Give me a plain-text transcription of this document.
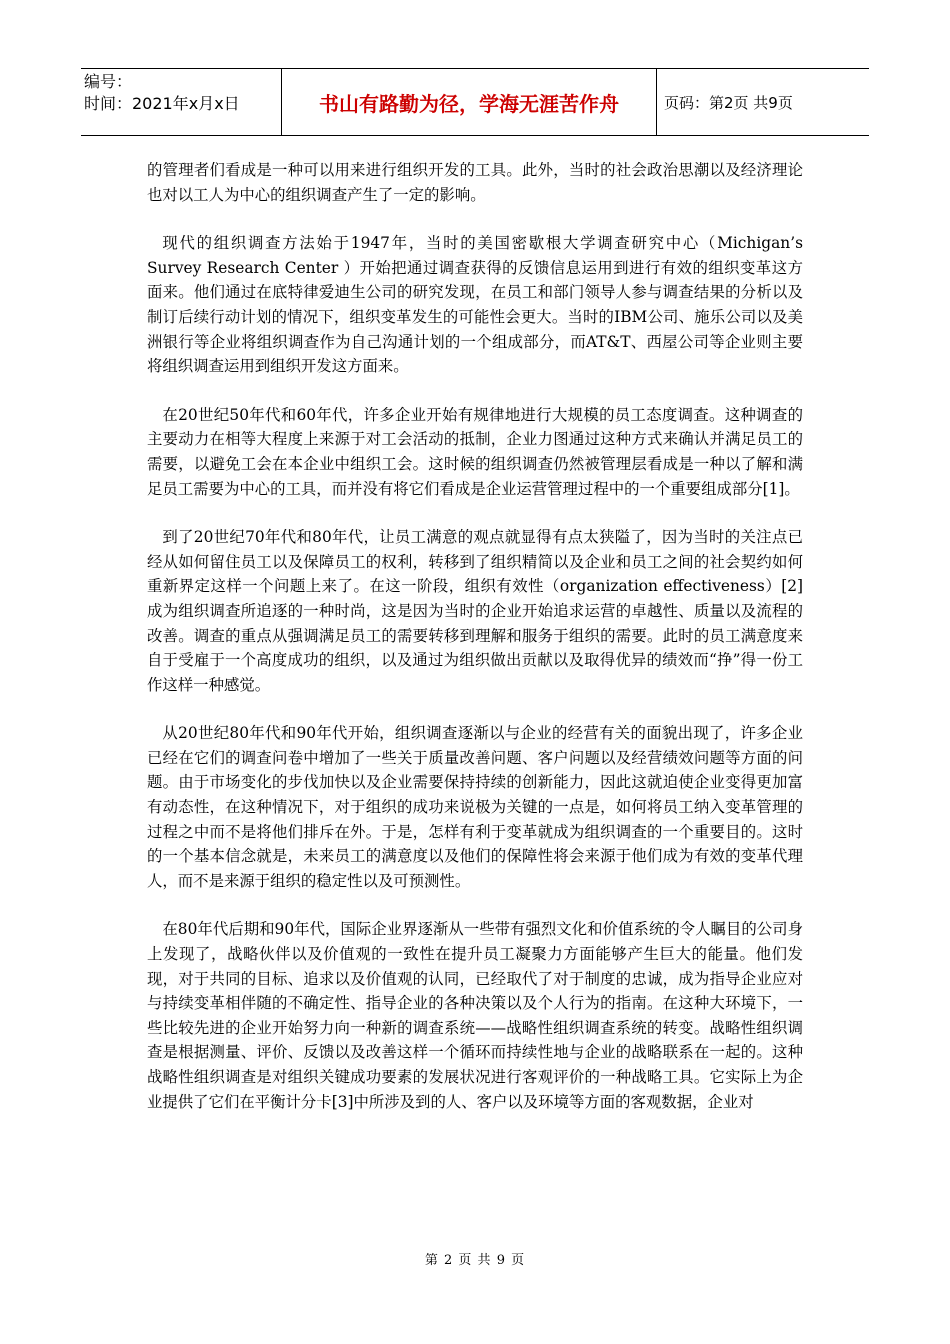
编号：
时间：2021年x月x日	书山有路勤为径，学海无涯苦作舟	页码：第2页 共9页

的管理者们看成是一种可以用来进行组织开发的工具。此外，当时的社会政治思潮以及经济理论也对以工人为中心的组织调查产生了一定的影响。

现代的组织调查方法始于1947年，当时的美国密歇根大学调查研究中心（Michigan’s Survey Research Center ）开始把通过调查获得的反馈信息运用到进行有效的组织变革这方面来。他们通过在底特律爱迪生公司的研究发现，在员工和部门领导人参与调查结果的分析以及制订后续行动计划的情况下，组织变革发生的可能性会更大。当时的IBM公司、施乐公司以及美洲银行等企业将组织调查作为自己沟通计划的一个组成部分，而AT&T、西屋公司等企业则主要将组织调查运用到组织开发这方面来。

在20世纪50年代和60年代，许多企业开始有规律地进行大规模的员工态度调查。这种调查的主要动力在相等大程度上来源于对工会活动的抵制，企业力图通过这种方式来确认并满足员工的需要，以避免工会在本企业中组织工会。这时候的组织调查仍然被管理层看成是一种以了解和满足员工需要为中心的工具，而并没有将它们看成是企业运营管理过程中的一个重要组成部分[1]。

到了20世纪70年代和80年代，让员工满意的观点就显得有点太狭隘了，因为当时的关注点已经从如何留住员工以及保障员工的权利，转移到了组织精简以及企业和员工之间的社会契约如何重新界定这样一个问题上来了。在这一阶段，组织有效性（organization effectiveness）[2]成为组织调查所追逐的一种时尚，这是因为当时的企业开始追求运营的卓越性、质量以及流程的改善。调查的重点从强调满足员工的需要转移到理解和服务于组织的需要。此时的员工满意度来自于受雇于一个高度成功的组织，以及通过为组织做出贡献以及取得优异的绩效而“挣”得一份工作这样一种感觉。

从20世纪80年代和90年代开始，组织调查逐渐以与企业的经营有关的面貌出现了，许多企业已经在它们的调查问卷中增加了一些关于质量改善问题、客户问题以及经营绩效问题等方面的问题。由于市场变化的步伐加快以及企业需要保持持续的创新能力，因此这就迫使企业变得更加富有动态性，在这种情况下，对于组织的成功来说极为关键的一点是，如何将员工纳入变革管理的过程之中而不是将他们排斥在外。于是，怎样有利于变革就成为组织调查的一个重要目的。这时的一个基本信念就是，未来员工的满意度以及他们的保障性将会来源于他们成为有效的变革代理人，而不是来源于组织的稳定性以及可预测性。

在80年代后期和90年代，国际企业界逐渐从一些带有强烈文化和价值系统的令人瞩目的公司身上发现了，战略伙伴以及价值观的一致性在提升员工凝聚力方面能够产生巨大的能量。他们发现，对于共同的目标、追求以及价值观的认同，已经取代了对于制度的忠诚，成为指导企业应对与持续变革相伴随的不确定性、指导企业的各种决策以及个人行为的指南。在这种大环境下，一些比较先进的企业开始努力向一种新的调查系统——战略性组织调查系统的转变。战略性组织调查是根据测量、评价、反馈以及改善这样一个循环而持续性地与企业的战略联系在一起的。这种战略性组织调查是对组织关键成功要素的发展状况进行客观评价的一种战略工具。它实际上为企业提供了它们在平衡计分卡[3]中所涉及到的人、客户以及环境等方面的客观数据，企业对

第 2 页 共 9 页
